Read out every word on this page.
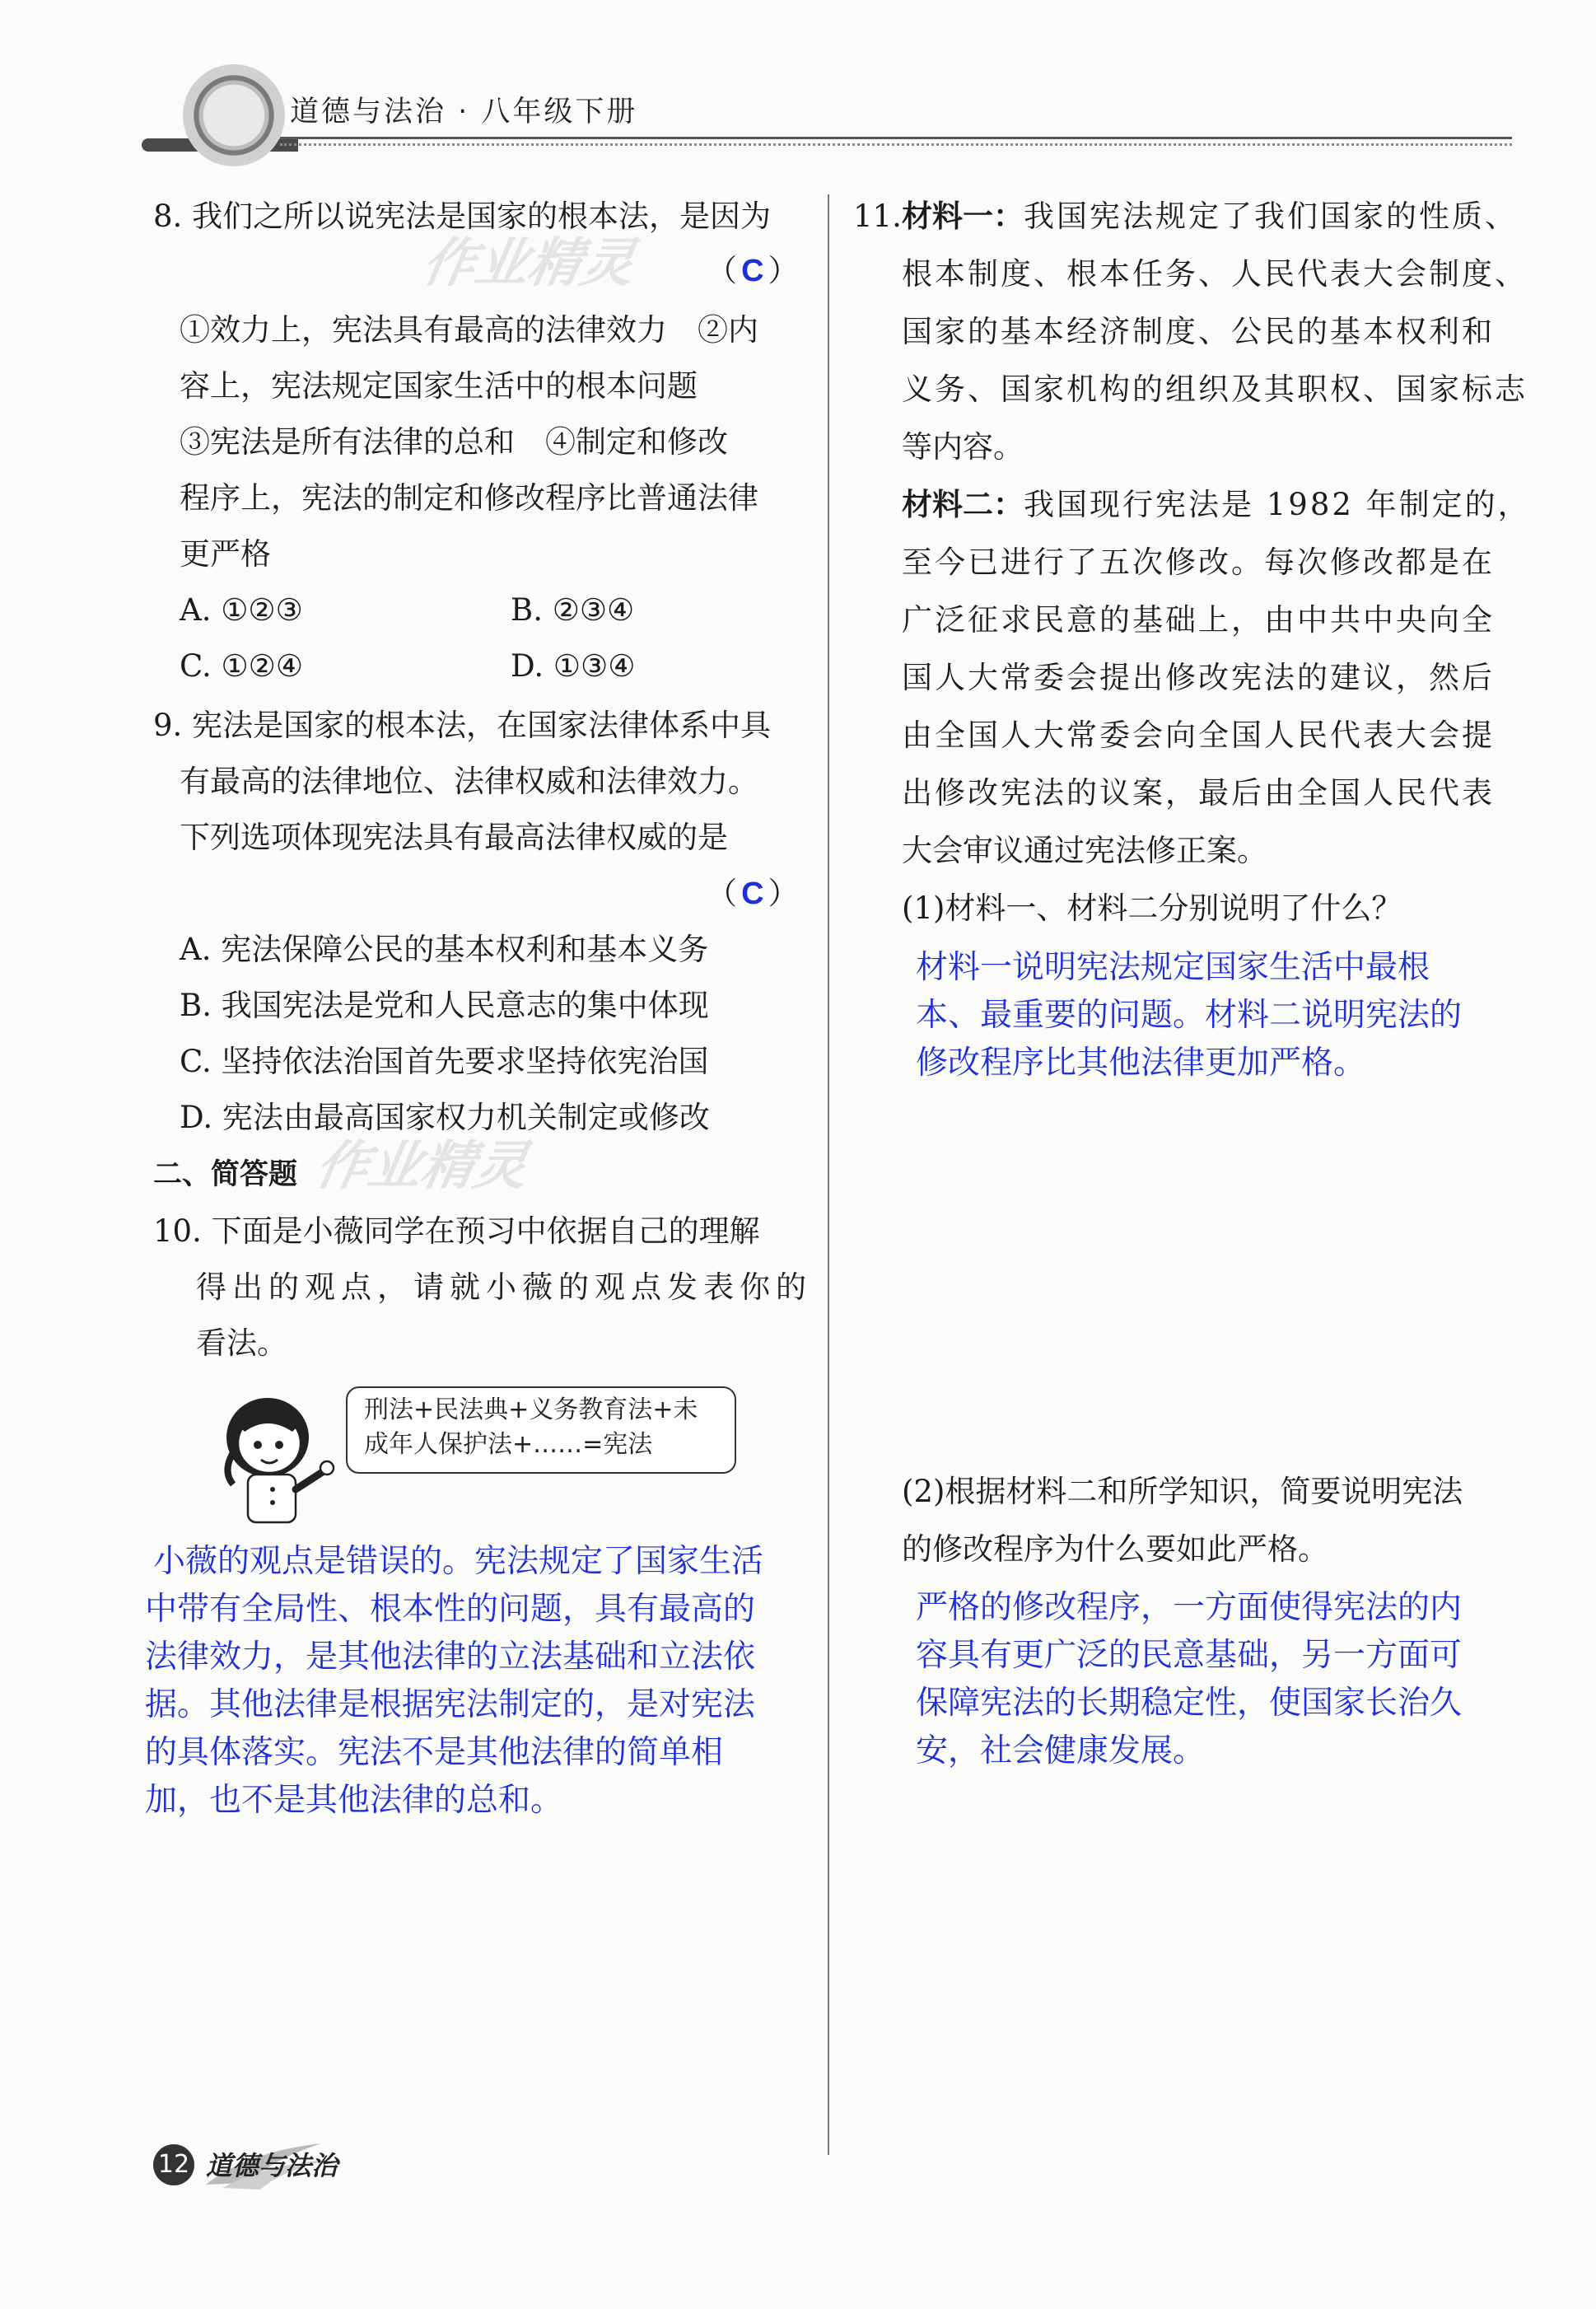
道德与法治 · 八年级下册
作业精灵
作业精灵
8. 我们之所以说宪法是国家的根本法，是因为
（ C ）
①效力上，宪法具有最高的法律效力　②内
容上，宪法规定国家生活中的根本问题
③宪法是所有法律的总和　④制定和修改
程序上，宪法的制定和修改程序比普通法律
更严格
A. ①②③	B. ②③④
C. ①②④	D. ①③④
9. 宪法是国家的根本法，在国家法律体系中具
有最高的法律地位、法律权威和法律效力。
下列选项体现宪法具有最高法律权威的是
（ C ）
A. 宪法保障公民的基本权利和基本义务
B. 我国宪法是党和人民意志的集中体现
C. 坚持依法治国首先要求坚持依宪治国
D. 宪法由最高国家权力机关制定或修改
二、简答题
10. 下面是小薇同学在预习中依据自己的理解
得出的观点，请就小薇的观点发表你的
看法。
刑法+民法典+义务教育法+未
成年人保护法+……=宪法
小薇的观点是错误的。宪法规定了国家生活
中带有全局性、根本性的问题，具有最高的
法律效力，是其他法律的立法基础和立法依
据。其他法律是根据宪法制定的，是对宪法
的具体落实。宪法不是其他法律的简单相
加，也不是其他法律的总和。
11. 材料一：我国宪法规定了我们国家的性质、
根本制度、根本任务、人民代表大会制度、
国家的基本经济制度、公民的基本权利和
义务、国家机构的组织及其职权、国家标志
等内容。
材料二：我国现行宪法是 1982 年制定的，
至今已进行了五次修改。每次修改都是在
广泛征求民意的基础上，由中共中央向全
国人大常委会提出修改宪法的建议，然后
由全国人大常委会向全国人民代表大会提
出修改宪法的议案，最后由全国人民代表
大会审议通过宪法修正案。
(1)材料一、材料二分别说明了什么？
材料一说明宪法规定国家生活中最根
本、最重要的问题。材料二说明宪法的
修改程序比其他法律更加严格。
(2)根据材料二和所学知识，简要说明宪法
的修改程序为什么要如此严格。
严格的修改程序，一方面使得宪法的内
容具有更广泛的民意基础，另一方面可
保障宪法的长期稳定性，使国家长治久
安，社会健康发展。
12 道德与法治
